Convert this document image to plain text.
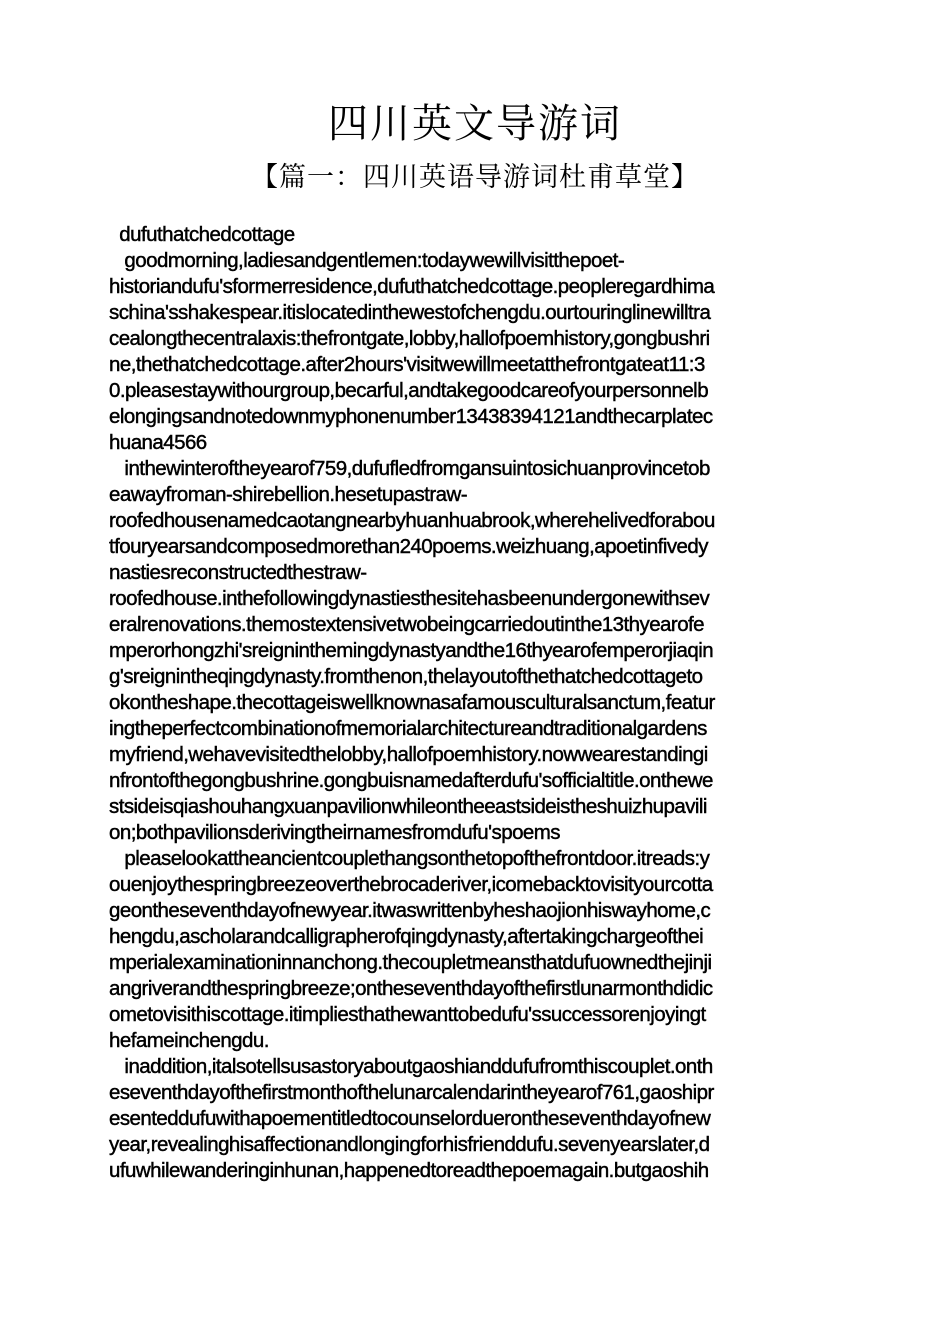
四川英文导游词
【篇一：四川英语导游词杜甫草堂】
dufuthatchedcottage
goodmorning,ladiesandgentlemen:todaywewillvisitthepoet-
historiandufu'sformerresidence,dufuthatchedcottage.peopleregardhima
schina'sshakespear.itislocatedinthewestofchengdu.ourtouringlinewilltra
cealongthecentralaxis:thefrontgate,lobby,hallofpoemhistory,gongbushri
ne,thethatchedcottage.after2hours'visitwewillmeetatthefrontgateat11:3
0.pleasestaywithourgroup,becarful,andtakegoodcareofyourpersonnelb
elongingsandnotedownmyphonenumber13438394121andthecarplatec
huana4566
inthewinteroftheyearof759,dufufledfromgansuintosichuanprovincetob
eawayfroman-shirebellion.hesetupastraw-
roofedhousenamedcaotangnearbyhuanhuabrook,wherehelivedforabou
tfouryearsandcomposedmorethan240poems.weizhuang,apoetinfivedy
nastiesreconstructedthestraw-
roofedhouse.inthefollowingdynastiesthesitehasbeenundergonewithsev
eralrenovations.themostextensivetwobeingcarriedoutinthe13thyearofe
mperorhongzhi'sreigninthemingdynastyandthe16thyearofemperorjiaqin
g'sreignintheqingdynasty.fromthenon,thelayoutofthethatchedcottageto
okontheshape.thecottageiswellknownasafamousculturalsanctum,featur
ingtheperfectcombinationofmemorialarchitectureandtraditionalgardens
myfriend,wehavevisitedthelobby,hallofpoemhistory.nowwearestandingi
nfrontofthegongbushrine.gongbuisnamedafterdufu'sofficialtitle.onthewe
stsideisqiashouhangxuanpavilionwhileontheeastsideistheshuizhupavili
on;bothpavilionsderivingtheirnamesfromdufu'spoems
pleaselookattheancientcouplethangsonthetopofthefrontdoor.itreads:y
ouenjoythespringbreezeoverthebrocaderiver,icomebacktovisityourcotta
geontheseventhdayofnewyear.itwaswrittenbyheshaojionhiswayhome,c
hengdu,ascholarandcalligrapherofqingdynasty,aftertakingchargeofthei
mperialexaminationinnanchong.thecoupletmeansthatdufuownedthejinji
angriverandthespringbreeze;ontheseventhdayofthefirstlunarmonthdidic
ometovisithiscottage.itimpliesthathewanttobedufu'ssuccessorenjoyingt
hefameinchengdu.
inaddition,italsotellsusastoryaboutgaoshianddufufromthiscouplet.onth
eseventhdayofthefirstmonthofthelunarcalendarintheyearof761,gaoshipr
esenteddufuwithapoementitledtocounselorduerontheseventhdayofnew
year,revealinghisaffectionandlongingforhisfrienddufu.sevenyearslater,d
ufuwhilewanderinginhunan,happenedtoreadthepoemagain.butgaoshih
